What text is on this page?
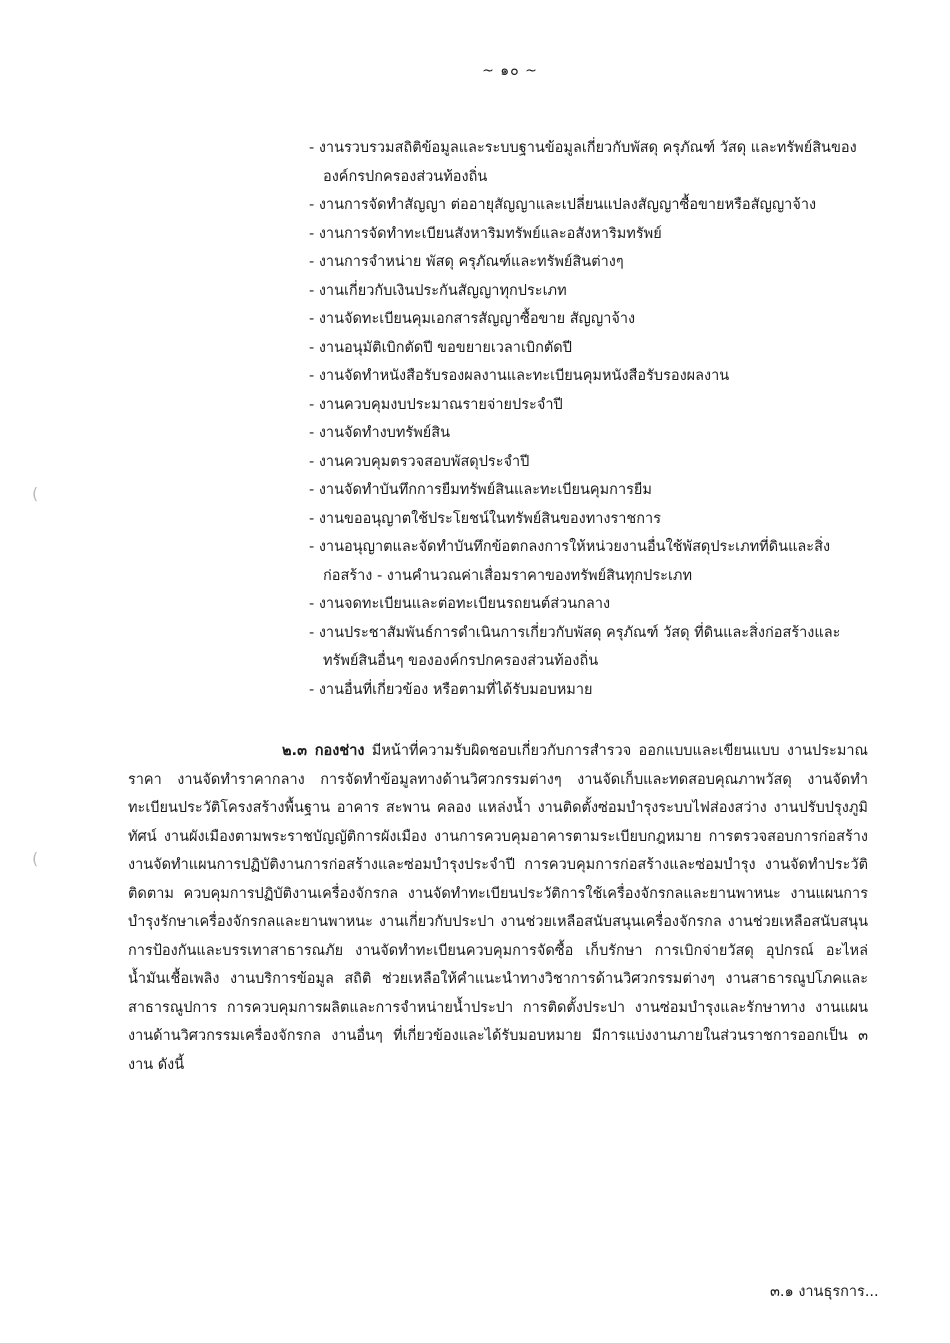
~ ๑๐ ~
(
(
- งานรวบรวมสถิติข้อมูลและระบบฐานข้อมูลเกี่ยวกับพัสดุ ครุภัณฑ์ วัสดุ และทรัพย์สินขององค์กรปกครองส่วนท้องถิ่น
- งานการจัดทำสัญญา ต่ออายุสัญญาและเปลี่ยนแปลงสัญญาซื้อขายหรือสัญญาจ้าง
- งานการจัดทำทะเบียนสังหาริมทรัพย์และอสังหาริมทรัพย์
- งานการจำหน่าย พัสดุ ครุภัณฑ์และทรัพย์สินต่างๆ
- งานเกี่ยวกับเงินประกันสัญญาทุกประเภท
- งานจัดทะเบียนคุมเอกสารสัญญาซื้อขาย สัญญาจ้าง
- งานอนุมัติเบิกตัดปี ขอขยายเวลาเบิกตัดปี
- งานจัดทำหนังสือรับรองผลงานและทะเบียนคุมหนังสือรับรองผลงาน
- งานควบคุมงบประมาณรายจ่ายประจำปี
- งานจัดทำงบทรัพย์สิน
- งานควบคุมตรวจสอบพัสดุประจำปี
- งานจัดทำบันทึกการยืมทรัพย์สินและทะเบียนคุมการยืม
- งานขออนุญาตใช้ประโยชน์ในทรัพย์สินของทางราชการ
- งานอนุญาตและจัดทำบันทึกข้อตกลงการให้หน่วยงานอื่นใช้พัสดุประเภทที่ดินและสิ่งก่อสร้าง - งานคำนวณค่าเสื่อมราคาของทรัพย์สินทุกประเภท
- งานจดทะเบียนและต่อทะเบียนรถยนต์ส่วนกลาง
- งานประชาสัมพันธ์การดำเนินการเกี่ยวกับพัสดุ ครุภัณฑ์ วัสดุ ที่ดินและสิ่งก่อสร้างและทรัพย์สินอื่นๆ ขององค์กรปกครองส่วนท้องถิ่น
- งานอื่นที่เกี่ยวข้อง หรือตามที่ได้รับมอบหมาย

๒.๓ กองช่าง มีหน้าที่ความรับผิดชอบเกี่ยวกับการสำรวจ ออกแบบและเขียนแบบ งานประมาณราคา งานจัดทำราคากลาง การจัดทำข้อมูลทางด้านวิศวกรรมต่างๆ งานจัดเก็บและทดสอบคุณภาพวัสดุ งานจัดทำทะเบียนประวัติโครงสร้างพื้นฐาน อาคาร สะพาน คลอง แหล่งน้ำ งานติดตั้งซ่อมบำรุงระบบไฟส่องสว่าง งานปรับปรุงภูมิทัศน์ งานผังเมืองตามพระราชบัญญัติการผังเมือง งานการควบคุมอาคารตามระเบียบกฎหมาย การตรวจสอบการก่อสร้าง งานจัดทำแผนการปฏิบัติงานการก่อสร้างและซ่อมบำรุงประจำปี การควบคุมการก่อสร้างและซ่อมบำรุง งานจัดทำประวัติ ติดตาม ควบคุมการปฏิบัติงานเครื่องจักรกล งานจัดทำทะเบียนประวัติการใช้เครื่องจักรกลและยานพาหนะ งานแผนการบำรุงรักษาเครื่องจักรกลและยานพาหนะ งานเกี่ยวกับประปา งานช่วยเหลือสนับสนุนเครื่องจักรกล งานช่วยเหลือสนับสนุนการป้องกันและบรรเทาสาธารณภัย งานจัดทำทะเบียนควบคุมการจัดซื้อ เก็บรักษา การเบิกจ่ายวัสดุ อุปกรณ์ อะไหล่ น้ำมันเชื้อเพลิง งานบริการข้อมูล สถิติ ช่วยเหลือให้คำแนะนำทางวิชาการด้านวิศวกรรมต่างๆ งานสาธารณูปโภคและสาธารณูปการ การควบคุมการผลิตและการจำหน่ายน้ำประปา การติดตั้งประปา งานซ่อมบำรุงและรักษาทาง งานแผนงานด้านวิศวกรรมเครื่องจักรกล งานอื่นๆ ที่เกี่ยวข้องและได้รับมอบหมาย มีการแบ่งงานภายในส่วนราชการออกเป็น ๓ งาน ดังนี้

๓.๑ งานธุรการ...
